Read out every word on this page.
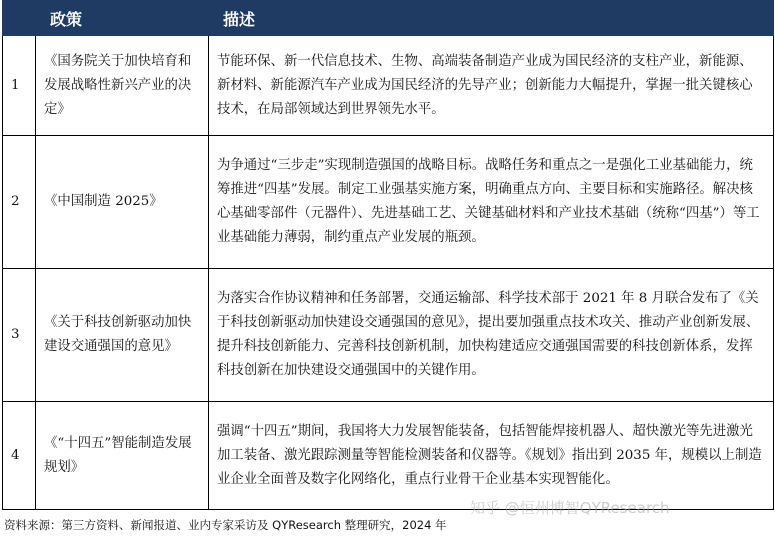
	政策	描述
1	《国务院关于加快培育和发展战略性新兴产业的决定》	节能环保、新一代信息技术、生物、高端装备制造产业成为国民经济的支柱产业，新能源、新材料、新能源汽车产业成为国民经济的先导产业；创新能力大幅提升，掌握一批关键核心技术，在局部领域达到世界领先水平。
2	《中国制造 2025》	为争通过“三步走”实现制造强国的战略目标。战略任务和重点之一是强化工业基础能力，统筹推进“四基”发展。制定工业强基实施方案，明确重点方向、主要目标和实施路径。解决核心基础零部件（元器件）、先进基础工艺、关键基础材料和产业技术基础（统称“四基”）等工业基础能力薄弱，制约重点产业发展的瓶颈。
3	《关于科技创新驱动加快建设交通强国的意见》	为落实合作协议精神和任务部署，交通运输部、科学技术部于 2021 年 8 月联合发布了《关于科技创新驱动加快建设交通强国的意见》，提出要加强重点技术攻关、推动产业创新发展、提升科技创新能力、完善科技创新机制，加快构建适应交通强国需要的科技创新体系，发挥科技创新在加快建设交通强国中的关键作用。
4	《“十四五”智能制造发展规划》	强调“十四五”期间，我国将大力发展智能装备，包括智能焊接机器人、超快激光等先进激光加工装备、激光跟踪测量等智能检测装备和仪器等。《规划》指出到 2035 年，规模以上制造业企业全面普及数字化网络化，重点行业骨干企业基本实现智能化。
知乎 @恒州博智QYResearch
资料来源：第三方资料、新闻报道、业内专家采访及 QYResearch 整理研究，2024 年
